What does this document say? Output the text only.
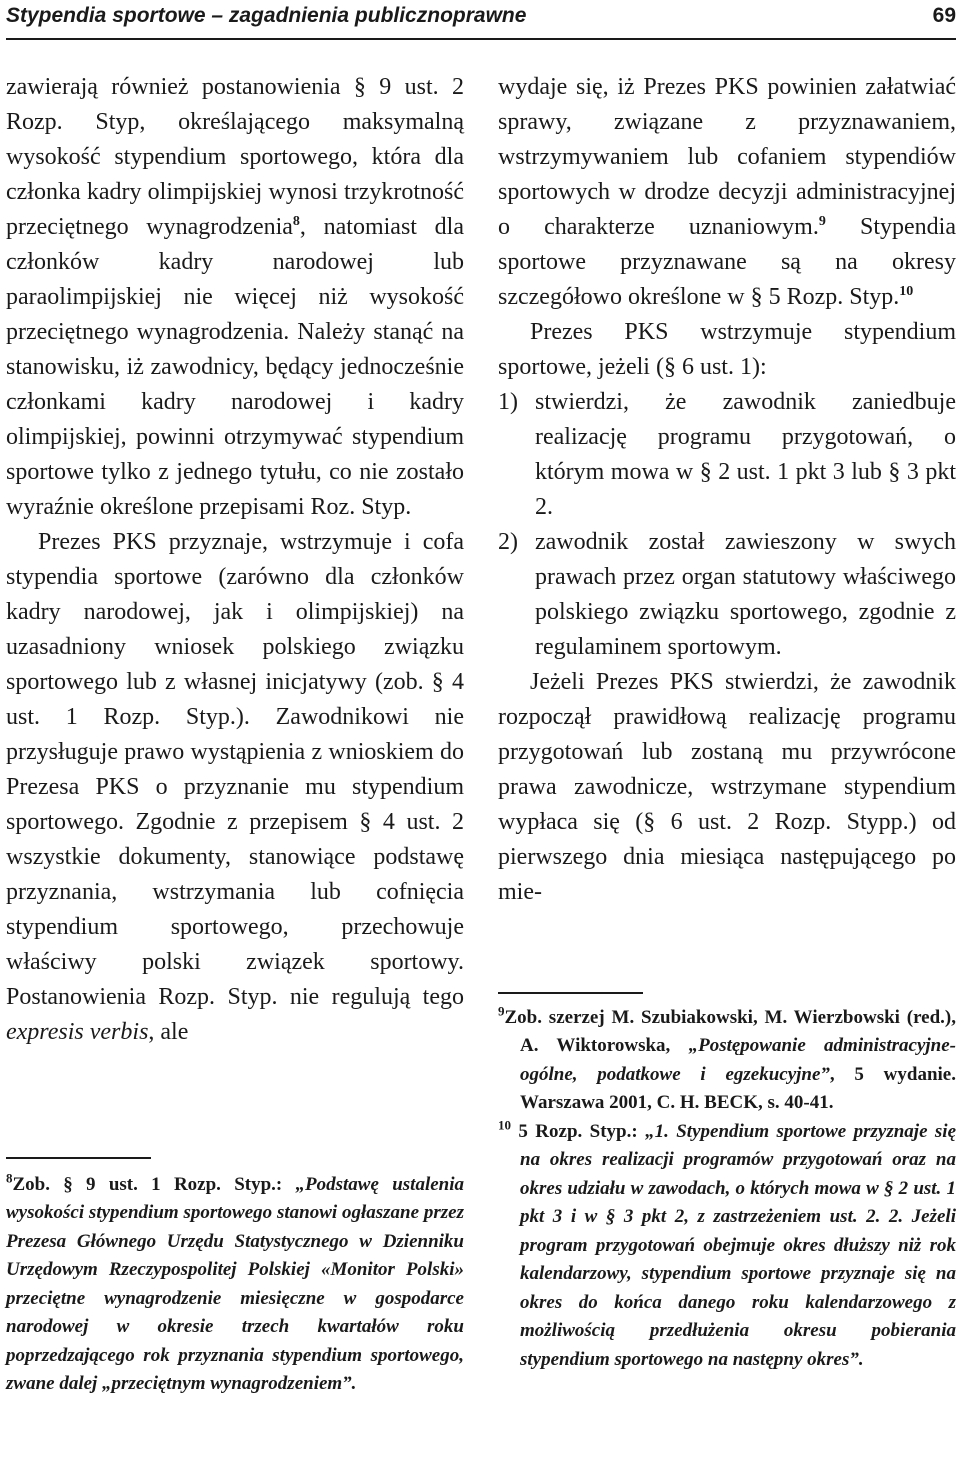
Stypendia sportowe – zagadnienia publicznoprawne	69

zawierają również postanowienia § 9 ust. 2 Rozp. Styp, określającego maksymalną wysokość stypendium sportowego, która dla członka kadry olimpijskiej wynosi trzykrotność przeciętnego wynagrodzenia$^8$, natomiast dla członków kadry narodowej lub paraolimpijskiej nie więcej niż wysokość przeciętnego wynagrodzenia. Należy stanąć na stanowisku, iż zawodnicy, będący jednocześnie członkami kadry narodowej i kadry olimpijskiej, powinni otrzymywać stypendium sportowe tylko z jednego tytułu, co nie zostało wyraźnie określone przepisami Roz. Styp.

Prezes PKS przyznaje, wstrzymuje i cofa stypendia sportowe (zarówno dla członków kadry narodowej, jak i olimpijskiej) na uzasadniony wniosek polskiego związku sportowego lub z własnej inicjatywy (zob. § 4 ust. 1 Rozp. Styp.). Zawodnikowi nie przysługuje prawo wystąpienia z wnioskiem do Prezesa PKS o przyznanie mu stypendium sportowego. Zgodnie z przepisem § 4 ust. 2 wszystkie dokumenty, stanowiące podstawę przyznania, wstrzymania lub cofnięcia stypendium sportowego, przechowuje właściwy polski związek sportowy. Postanowienia Rozp. Styp. nie regulują tego expresis verbis, ale

$^8$Zob. § 9 ust. 1 Rozp. Styp.: „Podstawę ustalenia wysokości stypendium sportowego stanowi ogłaszane przez Prezesa Głównego Urzędu Statystycznego w Dzienniku Urzędowym Rzeczypospolitej Polskiej «Monitor Polski» przeciętne wynagrodzenie miesięczne w gospodarce narodowej w okresie trzech kwartałów roku poprzedzającego rok przyznania stypendium sportowego, zwane dalej „przeciętnym wynagrodzeniem”.

wydaje się, iż Prezes PKS powinien załatwiać sprawy, związane z przyznawaniem, wstrzymywaniem lub cofaniem stypendiów sportowych w drodze decyzji administracyjnej o charakterze uznaniowym.$^9$ Stypendia sportowe przyznawane są na okresy szczegółowo określone w § 5 Rozp. Styp.$^{10}$

Prezes PKS wstrzymuje stypendium sportowe, jeżeli (§ 6 ust. 1):

1) stwierdzi, że zawodnik zaniedbuje realizację programu przygotowań, o którym mowa w § 2 ust. 1 pkt 3 lub § 3 pkt 2.
2) zawodnik został zawieszony w swych prawach przez organ statutowy właściwego polskiego związku sportowego, zgodnie z regulaminem sportowym.

Jeżeli Prezes PKS stwierdzi, że zawodnik rozpoczął prawidłową realizację programu przygotowań lub zostaną mu przywrócone prawa zawodnicze, wstrzymane stypendium wypłaca się (§ 6 ust. 2 Rozp. Stypp.) od pierwszego dnia miesiąca następującego po mie-

$^9$Zob. szerzej M. Szubiakowski, M. Wierzbowski (red.), A. Wiktorowska, „Postępowanie administracyjne-ogólne, podatkowe i egzekucyjne”, 5 wydanie. Warszawa 2001, C. H. BECK, s. 40-41.

$^{10}$ 5 Rozp. Styp.: „1. Stypendium sportowe przyznaje się na okres realizacji programów przygotowań oraz na okres udziału w zawodach, o których mowa w § 2 ust. 1 pkt 3 i w § 3 pkt 2, z zastrzeżeniem ust. 2. 2. Jeżeli program przygotowań obejmuje okres dłuższy niż rok kalendarzowy, stypendium sportowe przyznaje się na okres do końca danego roku kalendarzowego z możliwością przedłużenia okresu pobierania stypendium sportowego na następny okres”.
